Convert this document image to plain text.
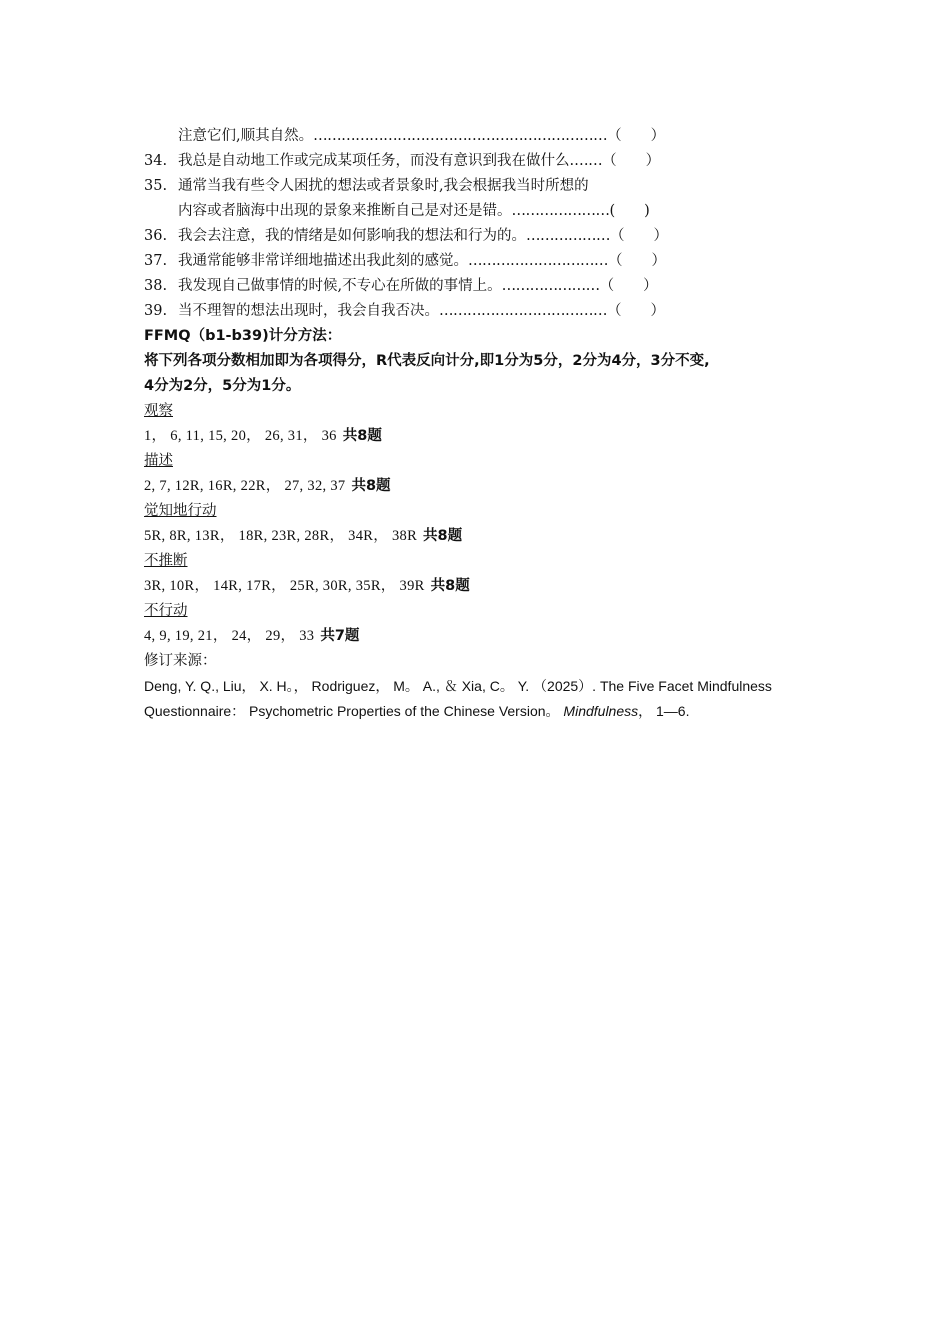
注意它们,顺其自然。 ……………………………………………………… （　　）
34. 我总是自动地工作或完成某项任务，而没有意识到我在做什么. …… （　　）
35. 通常当我有些令人困扰的想法或者景象时,我会根据我当时所想的
内容或者脑海中出现的景象来推断自己是对还是错。 ………………… (　　)
36. 我会去注意，我的情绪是如何影响我的想法和行为的。 ……………… （　　）
37. 我通常能够非常详细地描述出我此刻的感觉。 ………………………… （　　）
38. 我发现自己做事情的时候,不专心在所做的事情上。 ………………… （　　）
39. 当不理智的想法出现时，我会自我否决。 ……………………………… （　　）
FFMQ（b1-b39)计分方法：
将下列各项分数相加即为各项得分，R代表反向计分,即1分为5分，2分为4分，3分不变,
4分为2分，5分为1分。
观察
1， 6, 11, 15, 20， 26, 31， 36 共8题
描述
2, 7, 12R, 16R, 22R， 27, 32, 37 共8题
觉知地行动
5R, 8R, 13R， 18R, 23R, 28R， 34R， 38R 共8题
不推断
3R, 10R， 14R, 17R， 25R, 30R, 35R， 39R 共8题
不行动
4, 9, 19, 21， 24， 29， 33 共7题
修订来源：
Deng, Y. Q., Liu， X. H。， Rodriguez， M。 A., ＆ Xia, C。 Y. （2025）. The Five Facet Mindfulness
Questionnaire： Psychometric Properties of the Chinese Version。 Mindfulness， 1—6.
